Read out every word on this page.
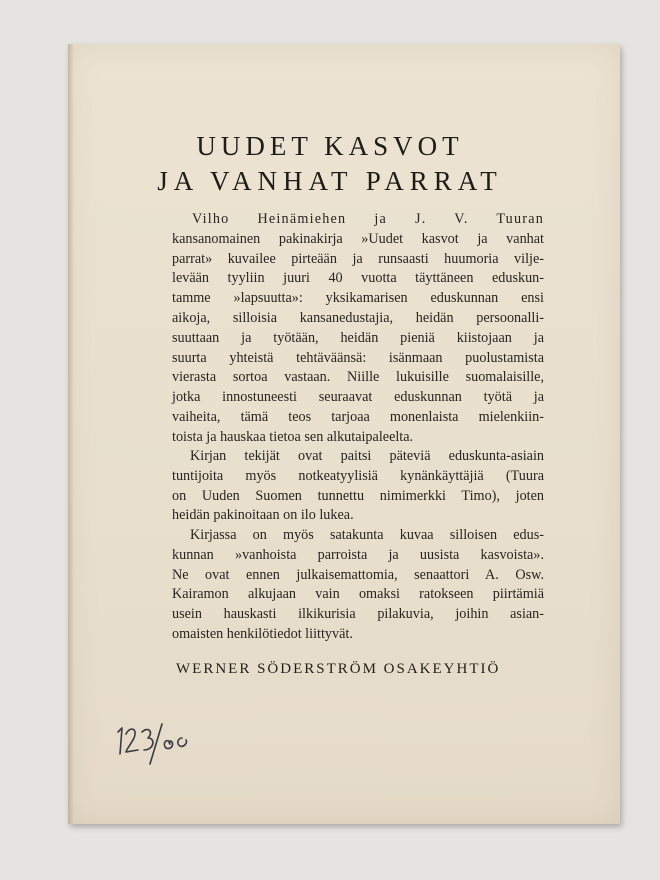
UUDET KASVOT
JA VANHAT PARRAT
Vilho Heinämiehen ja J. V. Tuuran
kansanomainen pakinakirja »Uudet kasvot ja vanhat
parrat» kuvailee pirteään ja runsaasti huumoria vilje-
levään tyyliin juuri 40 vuotta täyttäneen eduskun-
tamme »lapsuutta»: yksikamarisen eduskunnan ensi
aikoja, silloisia kansanedustajia, heidän persoonalli-
suuttaan ja työtään, heidän pieniä kiistojaan ja
suurta yhteistä tehtäväänsä: isänmaan puolustamista
vierasta sortoa vastaan. Niille lukuisille suomalaisille,
jotka innostuneesti seuraavat eduskunnan työtä ja
vaiheita, tämä teos tarjoaa monenlaista mielenkiin-
toista ja hauskaa tietoa sen alkutaipaleelta.
Kirjan tekijät ovat paitsi päteviä eduskunta-asiain
tuntijoita myös notkeatyylisiä kynänkäyttäjiä (Tuura
on Uuden Suomen tunnettu nimimerkki Timo), joten
heidän pakinoitaan on ilo lukea.
Kirjassa on myös satakunta kuvaa silloisen edus-
kunnan »vanhoista parroista ja uusista kasvoista».
Ne ovat ennen julkaisemattomia, senaattori A. Osw.
Kairamon alkujaan vain omaksi ratokseen piirtämiä
usein hauskasti ilkikurisia pilakuvia, joihin asian-
omaisten henkilötiedot liittyvät.
WERNER SÖDERSTRÖM OSAKEYHTIÖ
